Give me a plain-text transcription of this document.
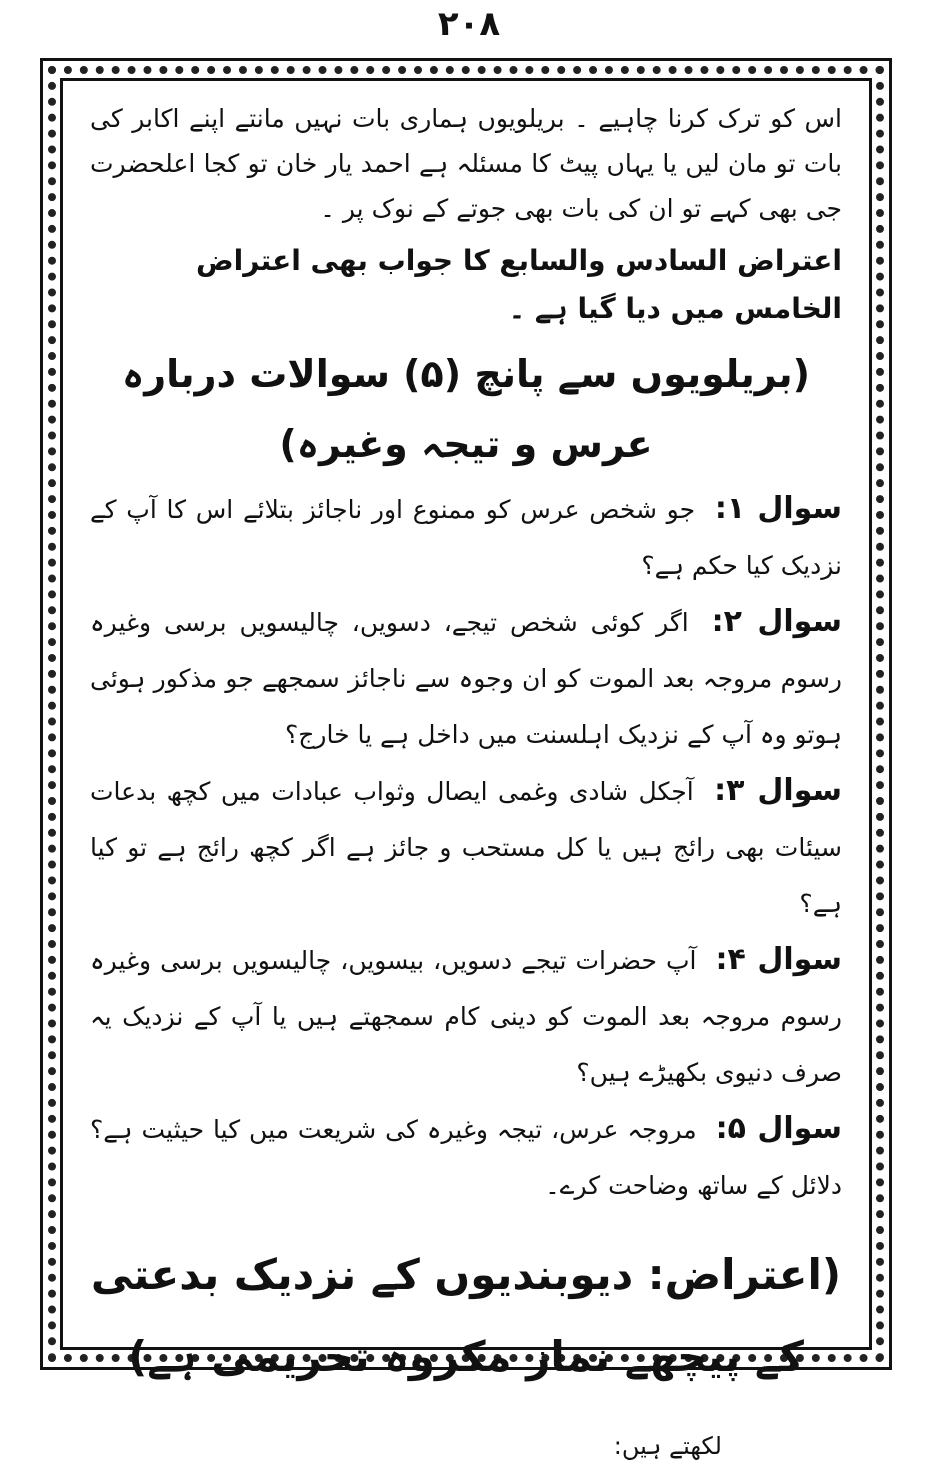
۲۰۸

اس کو ترک کرنا چاہیے ۔ بریلویوں ہماری بات نہیں مانتے اپنے اکابر کی بات تو مان لیں یا یہاں پیٹ کا مسئلہ ہے احمد یار خان تو کجا اعلحضرت جی بھی کہے تو ان کی بات بھی جوتے کے نوک پر ۔

اعتراض السادس والسابع کا جواب بھی اعتراض الخامس میں دیا گیا ہے ۔

(بریلویوں سے پانچ (۵) سوالات دربارہ عرس و تیجہ وغیرہ)

سوال ۱: جو شخص عرس کو ممنوع اور ناجائز بتلائے اس کا آپ کے نزدیک کیا حکم ہے؟

سوال ۲: اگر کوئی شخص تیجے، دسویں، چالیسویں برسی وغیرہ رسوم مروجہ بعد الموت کو ان وجوہ سے ناجائز سمجھے جو مذکور ہوئی ہوتو وہ آپ کے نزدیک اہلسنت میں داخل ہے یا خارج؟

سوال ۳: آجکل شادی وغمی ایصال وثواب عبادات میں کچھ بدعات سیئات بھی رائج ہیں یا کل مستحب و جائز ہے اگر کچھ رائج ہے تو کیا ہے؟

سوال ۴: آپ حضرات تیجے دسویں، بیسویں، چالیسویں برسی وغیرہ رسوم مروجہ بعد الموت کو دینی کام سمجھتے ہیں یا آپ کے نزدیک یہ صرف دنیوی بکھیڑے ہیں؟

سوال ۵: مروجہ عرس، تیجہ وغیرہ کی شریعت میں کیا حیثیت ہے؟ دلائل کے ساتھ وضاحت کرے۔

(اعتراض: دیوبندیوں کے نزدیک بدعتی کے پیچھے نماز مکروہ تحریمی ہے)

لکھتے ہیں:
